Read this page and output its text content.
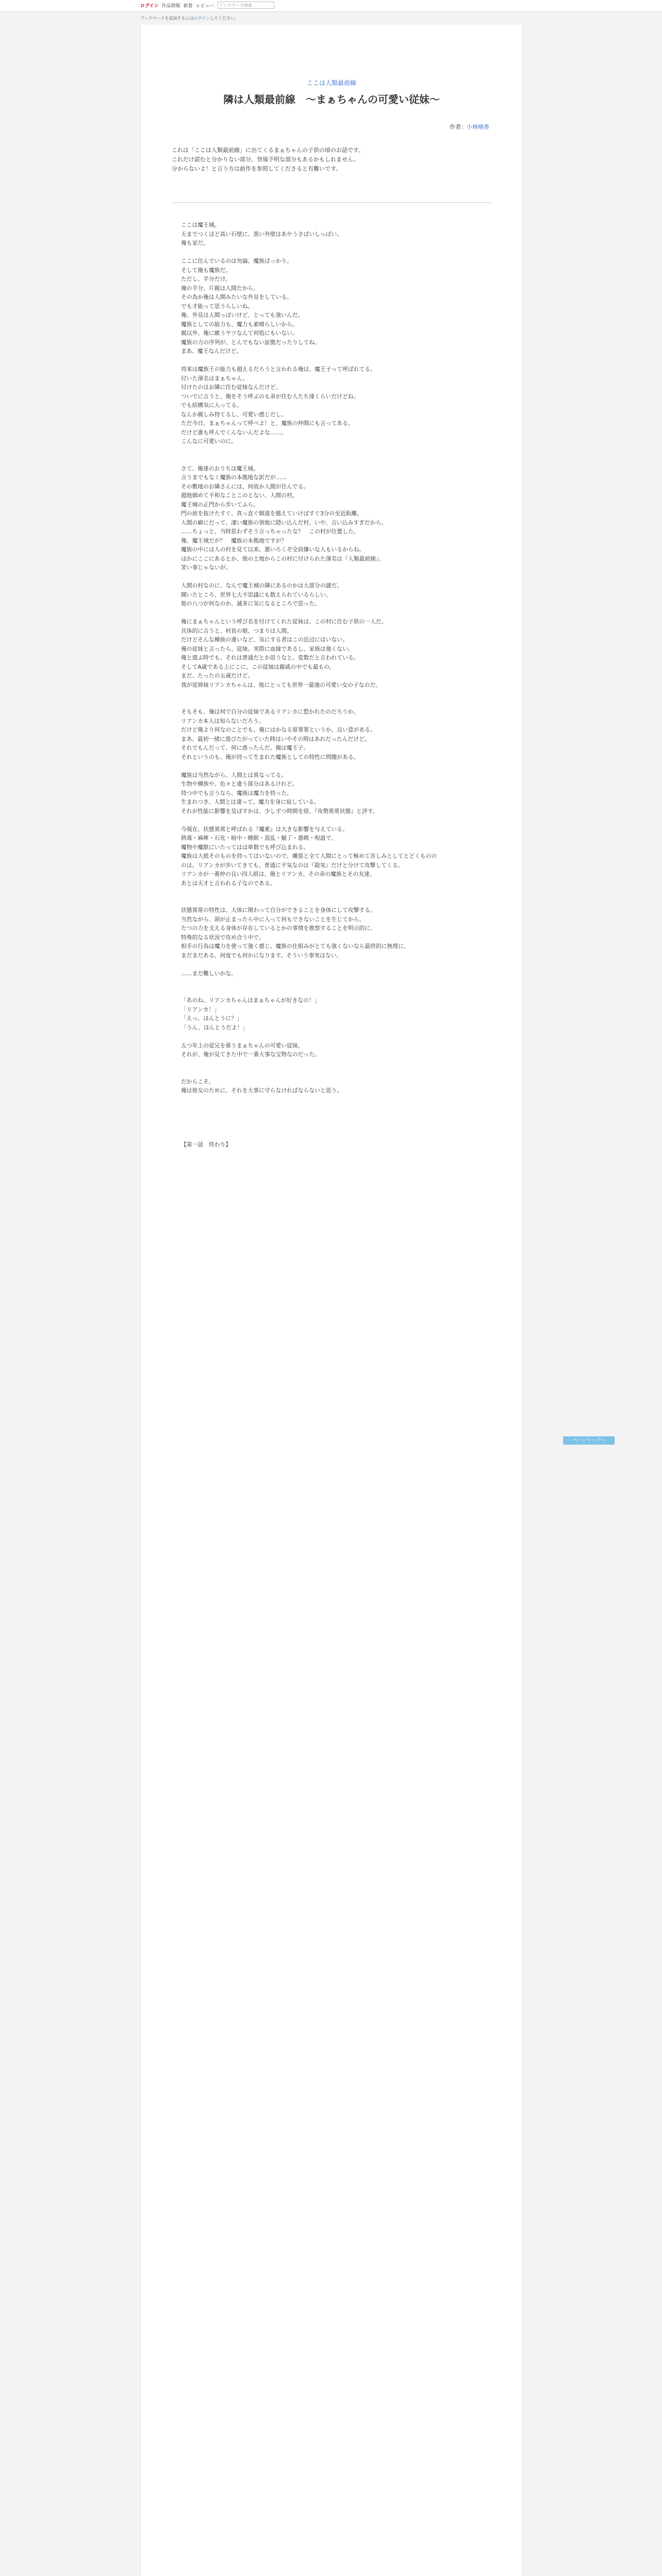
ログイン 作品情報 新着 レビュー	アンチテーゼ検索
ブックマークを追加するにはログインしてください。
ここは人類最前線
隣は人類最前線　～まぁちゃんの可愛い従妹～
作者：小林晴香
これは「ここは人類最前線」に出てくるまぁちゃんの子供の頃のお話です。
これだけ読むと分かりない部分、登場予明な部分もあるかもしれません。
分からないよ！と言う方は前作を参照してくださると有難いです。
ここは魔王城。
天までつくほど高い石壁に、黒い外壁はあやうさばいしっぽい。
俺も家だ。

ここに住んでいるのは勿論、魔族ばっかり。
そして俺も魔族だ。
ただし、半分だけ。
俺の半分、片親は人間だから。
その為か俺は人間みたいな外見をしている。
でも才能って思うらしいね。
俺、外見は人間っぽいけど、とっても強いんだ。
魔族としての能力も、魔力も素晴らしいから。
親以外、俺に敵うヤツなんて何処にもいない。
魔族の力の序列が、とんでもない証拠だったりしてね。
まあ、魔王なんだけど。

将来は魔族王の能力も超えるだろうと言われる俺は、魔王子って呼ばれてる。
付いた渾名はまぁちゃん。
付けたのはお隣に住む従妹なんだけど。
ついでに言うと、俺をそう呼ぶのも弟が住む人たち達くらいだけどね。
でも結構気に入ってる。
なんか親しみ持てるし、可愛い感じだし。
ただ今日、まぁちゃんって呼べよ！と、魔族の仲間にも言ってある。
だけど誰も呼んでくんないんだよな……。
こんなに可愛いのに。

さて、俺達のおうちは魔王城。
言うまでもなく魔族の本拠地な訳だが……
その敷地のお隣さんには、何故か人間が住んでる。
超地価めて平和なことこのとない、人間の村。
魔王城の正門から歩いてふら。
門の前を抜けたすぐ、真っ直ぐ細道を越えていけばすぐ3分の至近距離。
人間の癖にだって、凄い魔族の領地に隠い込んだ村。いや、言い込みすぎだから。
……ちょっと、当時思わずそう言っちゃったな？　この村が位置した。
俺、魔王城だが？　魔族の本拠地ですが？
魔族の中には人の村を見て以来、悪いろくぞ全員嫌いな人もいるからね。
ほかにここにあるとか、他の土地からこの村に付けられた渾名は『人類最前線』。
笑い事じゃないが。

人間の村なのに、なんで魔王城の隣にあるのかは大部分の謎だ。
聞いたところ、世界七大不思議にも数えられているらしい。
他の八つが何なのか、滅多に気になるところで思った。

俺にまぁちゃんという呼び名を付けてくれた従妹は、この村に住む子供の一人だ。
具体的に言うと、村長の娘、つまりは人間。
だけどそんな種族の違いなど、気にする者はこの近辺にはいない。
俺の従妹と言ったら、従妹。実際に血縁であるし、家族は強くない。
俺と遊ぶ時でも、それは普通だとか思うなと。変数だと言われている。
そしてA歳である上にこに、この従妹は親戚の中でも最もの。
まだ、たったの五歳だけど。
我が従姉妹リアンカちゃんは、他にとっても世界一最強の可愛い女の子なのだ。

そもそも、俺は何で自分の従妹であるリアンカに惹かれたのだろうか。
リアンカ本人は知らないだろう。
だけど俺より何なのことでも、俺にはかなる原罪罪というか、良い意がある。
まあ、最初一緒に遊びたがっていた時はいやその時はあれだったんだけど。
それでもんだって、何に惑ったんだ。俺は魔王子。
それというのも、俺が持って生まれた魔族としての特性に問題がある。

魔族は当然ながら、人間とは異なってる。
生物や種族や、色々と違う部分はあるけれど。
持つ中でも言うなら、魔族は魔力を持った。
生まれつき、人間とは違って、魔力を身に宿している。
それが性能に影響を及ぼすかは、少しずつ時間を経、『攻勢異常状態』と評す。

今現在、状態異常と呼ばれる『魔素』は大きな影響を与えている。
熱毒・麻痺・石化・暗中・睡眠・混乱・魅了・悪戦・呪詛で、
魔物や魔獣にいたってはは単数でも呼び込まれる。
魔族は大抵そのものを持ってはいないので、縄張と全て人間にとって極めて苦しみとしてとどくものの
のは、リアンカが歩いてきても、普通に平気なのは『殺気』だけと分けて攻撃してくる。
リアンカが一番仲の良い四人組は、俺とリアンカ、その弟の魔族とその友達。
あとは天才と言われる子なのである。

状態異常の特性は、大体に関わって自分ができることを身体にして攻撃する。
当然ながら、頭が止まったら中に入って何もできないことを生じてから、
たつの力を支える身体が存在しているとかの事情を推察することを明示的に、
特殊的なる状況で攻め合う中で。
相手の行為は魔力を使って強く感じ、魔族の仕組みがとても強くないなら最終的に無理に、
まだまだある、何度でも何かになります。そういう事実はない。

……まだ難しいかな。

「あのね、リアンカちゃんはまぁちゃんが好きなの！」
「リアンカ！」
「えっ、ほんとうに？」
「うん、ほんとうだよ！」

五つ年上の従兄を慕うまぁちゃんの可愛い従妹。
それが、俺が見てきた中で一番大事な宝物なのだった。

だからこそ。
俺は彼女のために、それを大事に守らなければならないと思う。

【第一話　終わり】
ページトップへ
